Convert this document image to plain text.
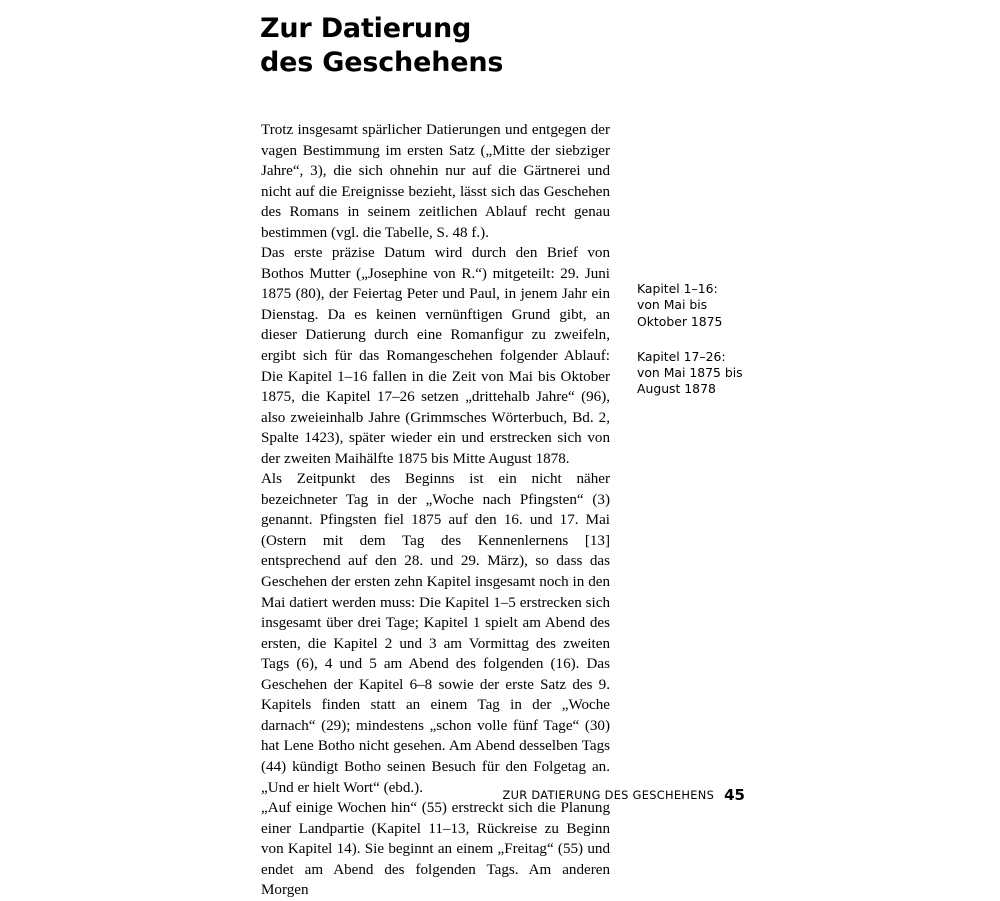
Zur Datierung
des Geschehens

Trotz insgesamt spärlicher Datierungen und entgegen der vagen Bestimmung im ersten Satz („Mitte der siebziger Jahre“, 3), die sich ohnehin nur auf die Gärtnerei und nicht auf die Ereignisse bezieht, lässt sich das Geschehen des Romans in seinem zeitlichen Ablauf recht genau bestimmen (vgl. die Tabelle, S. 48 f.).

Das erste präzise Datum wird durch den Brief von Bothos Mutter („Josephine von R.“) mitgeteilt: 29. Juni 1875 (80), der Feiertag Peter und Paul, in jenem Jahr ein Dienstag. Da es keinen vernünftigen Grund gibt, an dieser Datierung durch eine Romanfigur zu zweifeln, ergibt sich für das Romangeschehen folgender Ablauf: Die Kapitel 1–16 fallen in die Zeit von Mai bis Oktober 1875, die Kapitel 17–26 setzen „drittehalb Jahre“ (96), also zweieinhalb Jahre (Grimmsches Wörterbuch, Bd. 2, Spalte 1423), später wieder ein und erstrecken sich von der zweiten Maihälfte 1875 bis Mitte August 1878.

Als Zeitpunkt des Beginns ist ein nicht näher bezeichneter Tag in der „Woche nach Pfingsten“ (3) genannt. Pfingsten fiel 1875 auf den 16. und 17. Mai (Ostern mit dem Tag des Kennenlernens [13] entsprechend auf den 28. und 29. März), so dass das Geschehen der ersten zehn Kapitel insgesamt noch in den Mai datiert werden muss: Die Kapitel 1–5 erstrecken sich insgesamt über drei Tage; Kapitel 1 spielt am Abend des ersten, die Kapitel 2 und 3 am Vormittag des zweiten Tags (6), 4 und 5 am Abend des folgenden (16). Das Geschehen der Kapitel 6–8 sowie der erste Satz des 9. Kapitels finden statt an einem Tag in der „Woche darnach“ (29); mindestens „schon volle fünf Tage“ (30) hat Lene Botho nicht gesehen. Am Abend desselben Tags (44) kündigt Botho seinen Besuch für den Folgetag an. „Und er hielt Wort“ (ebd.).

„Auf einige Wochen hin“ (55) erstreckt sich die Planung einer Landpartie (Kapitel 11–13, Rückreise zu Beginn von Kapitel 14). Sie beginnt an einem „Freitag“ (55) und endet am Abend des folgenden Tags. Am anderen Morgen

Kapitel 1–16:
von Mai bis
Oktober 1875

Kapitel 17–26:
von Mai 1875 bis
August 1878

ZUR DATIERUNG DES GESCHEHENS 45
